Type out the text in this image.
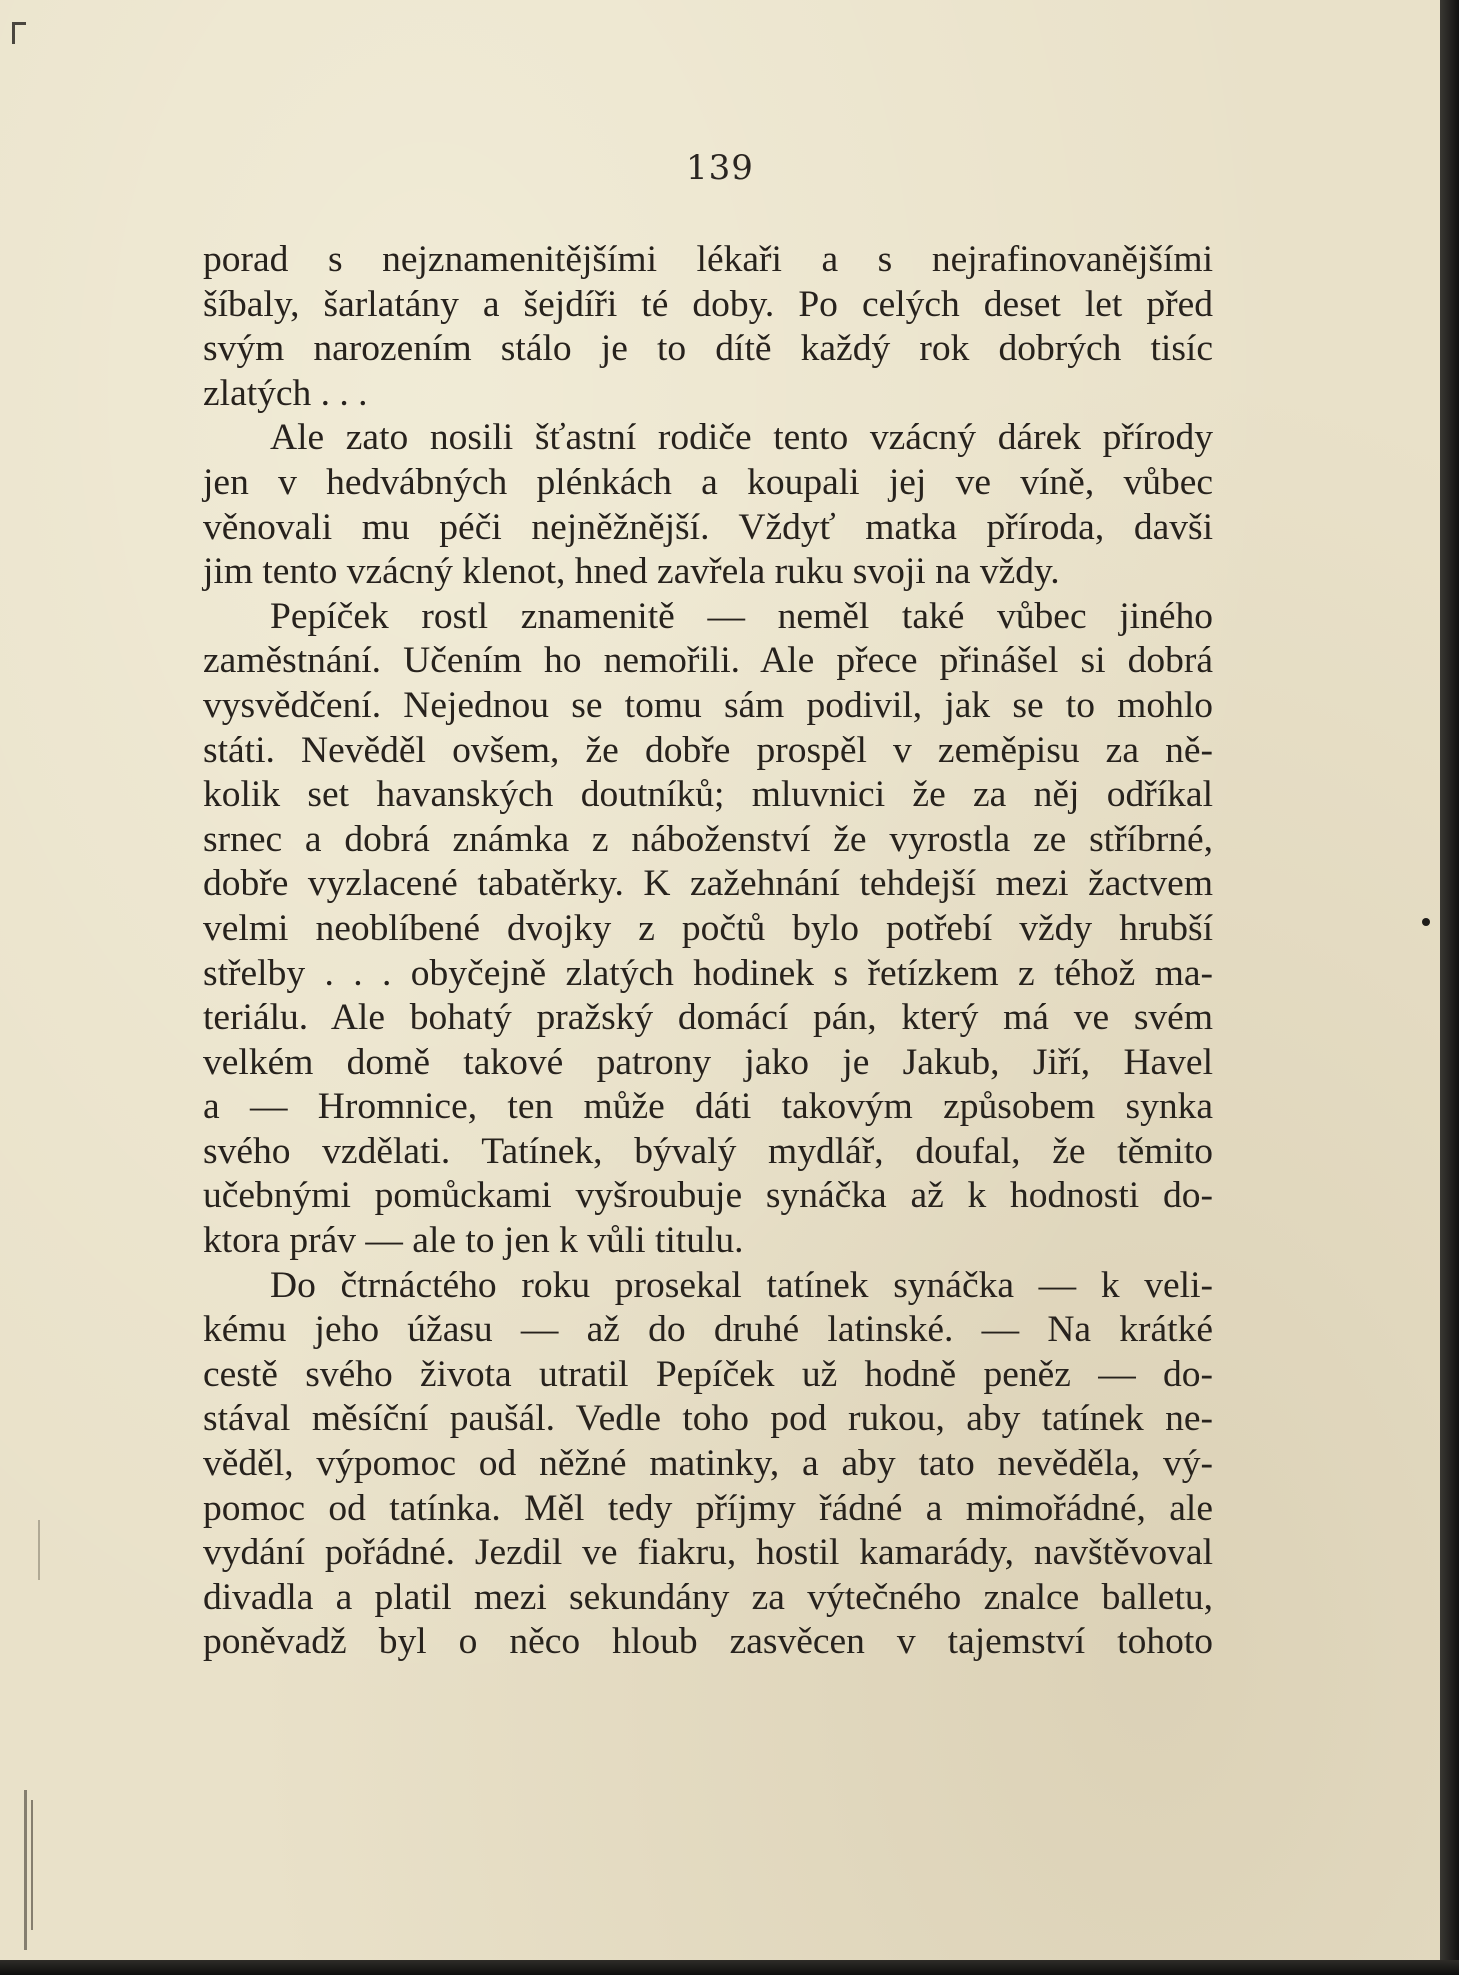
139
porad s nejznamenitějšími lékaři a s nejrafinovanějšími
šíbaly, šarlatány a šejdíři té doby. Po celých deset let před
svým narozením stálo je to dítě každý rok dobrých tisíc
zlatých . . .
Ale zato nosili šťastní rodiče tento vzácný dárek přírody
jen v hedvábných plénkách a koupali jej ve víně, vůbec
věnovali mu péči nejněžnější. Vždyť matka příroda, davši
jim tento vzácný klenot, hned zavřela ruku svoji na vždy.
Pepíček rostl znamenitě — neměl také vůbec jiného
zaměstnání. Učením ho nemořili. Ale přece přinášel si dobrá
vysvědčení. Nejednou se tomu sám podivil, jak se to mohlo
státi. Nevěděl ovšem, že dobře prospěl v zeměpisu za ně-
kolik set havanských doutníků; mluvnici že za něj odříkal
srnec a dobrá známka z náboženství že vyrostla ze stříbrné,
dobře vyzlacené tabatěrky. K zažehnání tehdejší mezi žactvem
velmi neoblíbené dvojky z počtů bylo potřebí vždy hrubší
střelby . . . obyčejně zlatých hodinek s řetízkem z téhož ma-
teriálu. Ale bohatý pražský domácí pán, který má ve svém
velkém domě takové patrony jako je Jakub, Jiří, Havel
a — Hromnice, ten může dáti takovým způsobem synka
svého vzdělati. Tatínek, bývalý mydlář, doufal, že těmito
učebnými pomůckami vyšroubuje synáčka až k hodnosti do-
ktora práv — ale to jen k vůli titulu.
Do čtrnáctého roku prosekal tatínek synáčka — k veli-
kému jeho úžasu — až do druhé latinské. — Na krátké
cestě svého života utratil Pepíček už hodně peněz — do-
stával měsíční paušál. Vedle toho pod rukou, aby tatínek ne-
věděl, výpomoc od něžné matinky, a aby tato nevěděla, vý-
pomoc od tatínka. Měl tedy příjmy řádné a mimořádné, ale
vydání pořádné. Jezdil ve fiakru, hostil kamarády, navštěvoval
divadla a platil mezi sekundány za výtečného znalce balletu,
poněvadž byl o něco hloub zasvěcen v tajemství tohoto
